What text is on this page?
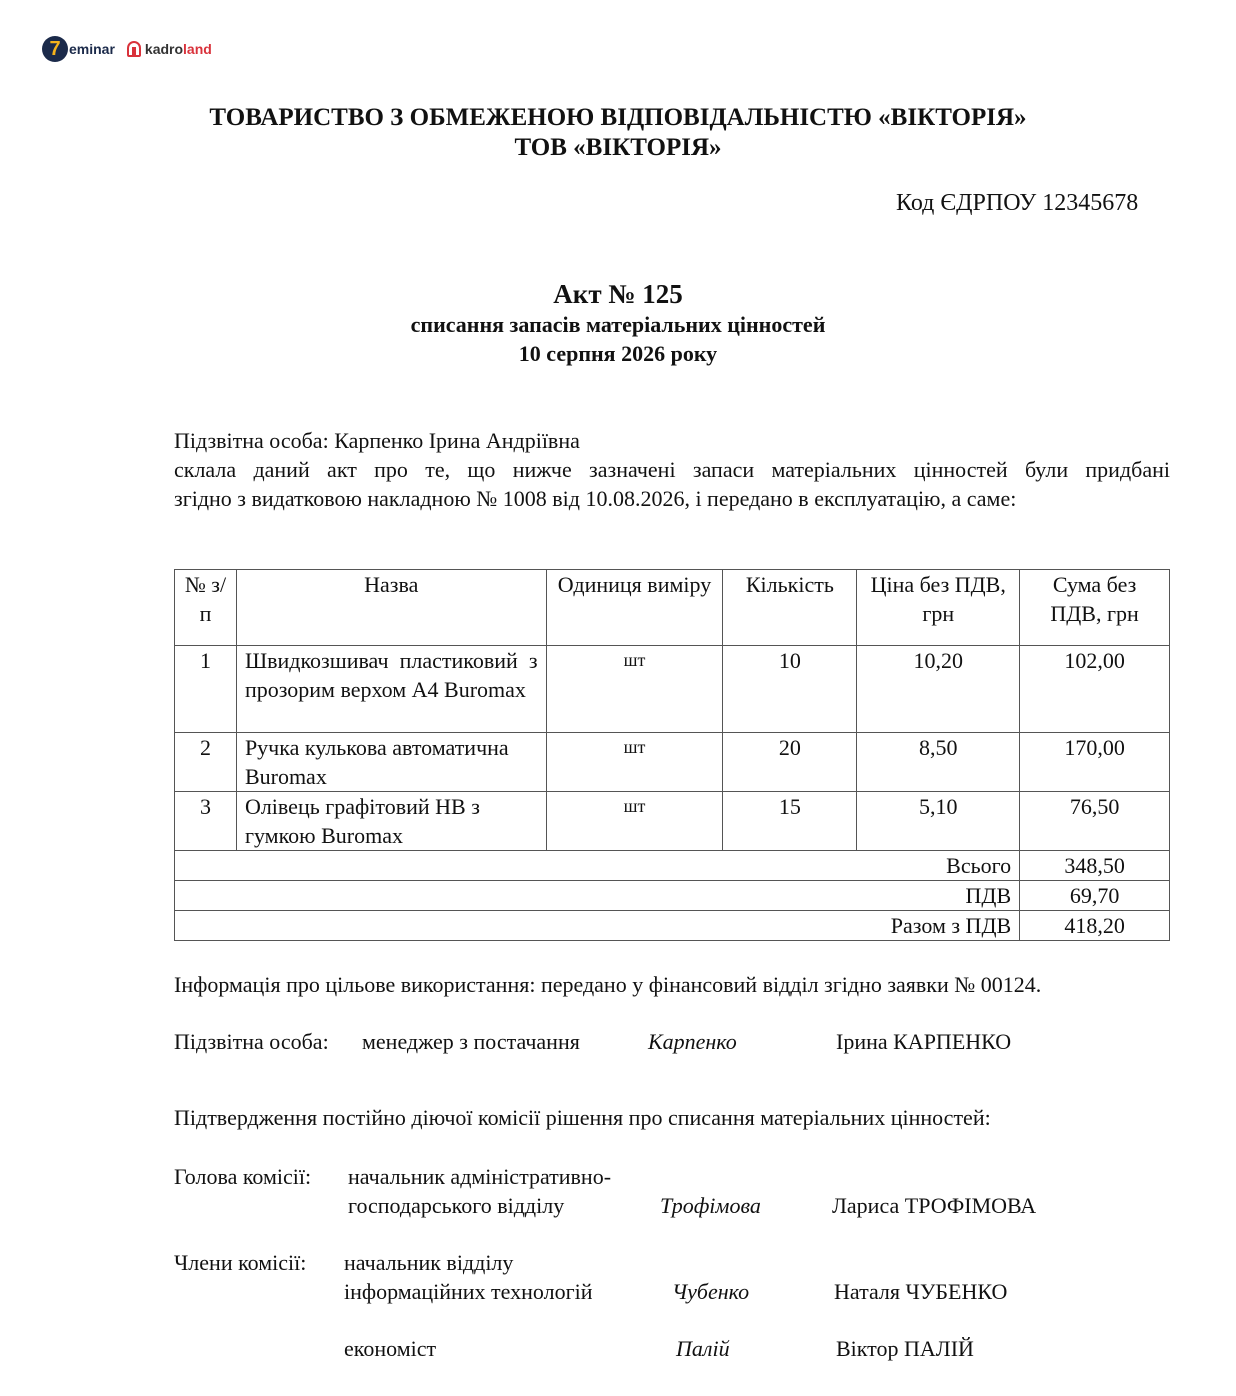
7 eminar kadro land
ТОВАРИСТВО З ОБМЕЖЕНОЮ ВІДПОВІДАЛЬНІСТЮ «ВІКТОРІЯ»
ТОВ «ВІКТОРІЯ»
Код ЄДРПОУ 12345678
Акт № 125
списання запасів матеріальних цінностей
10 серпня 2026 року
Підзвітна особа: Карпенко Ірина Андріївна
склала даний акт про те, що нижче зазначені запаси матеріальних цінностей були придбані
згідно з видатковою накладною № 1008 від 10.08.2026, і передано в експлуатацію, а саме:
№ з/п	Назва	Одиниця виміру	Кількість	Ціна без ПДВ, грн	Сума без ПДВ, грн
1	Швидкозшивач пластиковий з прозорим верхом А4 Buromax	шт	10	10,20	102,00
2	Ручка кулькова автоматична Buromax	шт	20	8,50	170,00
3	Олівець графітовий НВ з гумкою Buromax	шт	15	5,10	76,50
Всього					348,50
ПДВ					69,70
Разом з ПДВ					418,20
Інформація про цільове використання: передано у фінансовий відділ згідно заявки № 00124.
Підзвітна особа: менеджер з постачання	Карпенко	Ірина КАРПЕНКО
Підтвердження постійно діючої комісії рішення про списання матеріальних цінностей:
Голова комісії: начальник адміністративно-
господарського відділу	Трофімова	Лариса ТРОФІМОВА
Члени комісії: начальник відділу
інформаційних технологій	Чубенко	Наталя ЧУБЕНКО
економіст	Палій	Віктор ПАЛІЙ
